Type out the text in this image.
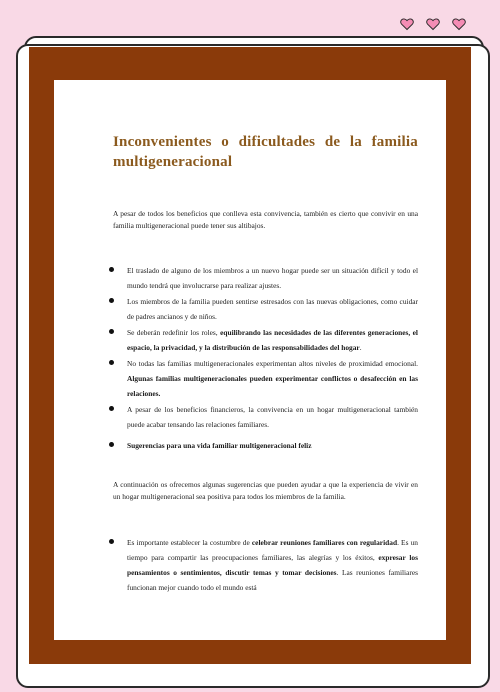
Inconvenientes o dificultades de la familia
multigeneracional

A pesar de todos los beneficios que conlleva esta convivencia, también es cierto que convivir en una familia multigeneracional puede tener sus altibajos.

El traslado de alguno de los miembros a un nuevo hogar puede ser un situación difícil y todo el mundo tendrá que involucrarse para realizar ajustes.
Los miembros de la familia pueden sentirse estresados con las nuevas obligaciones, como cuidar de padres ancianos y de niños.
Se deberán redefinir los roles, equilibrando las necesidades de las diferentes generaciones, el espacio, la privacidad, y la distribución de las responsabilidades del hogar.
No todas las familias multigeneracionales experimentan altos niveles de proximidad emocional. Algunas familias multigeneracionales pueden experimentar conflictos o desafección en las relaciones.
A pesar de los beneficios financieros, la convivencia en un hogar multigeneracional también puede acabar tensando las relaciones familiares.
Sugerencias para una vida familiar multigeneracional feliz

A continuación os ofrecemos algunas sugerencias que pueden ayudar a que la experiencia de vivir en un hogar multigeneracional sea positiva para todos los miembros de la familia.

Es importante establecer la costumbre de celebrar reuniones familiares con regularidad. Es un tiempo para compartir las preocupaciones familiares, las alegrías y los éxitos, expresar los pensamientos o sentimientos, discutir temas y tomar decisiones. Las reuniones familiares funcionan mejor cuando todo el mundo está
